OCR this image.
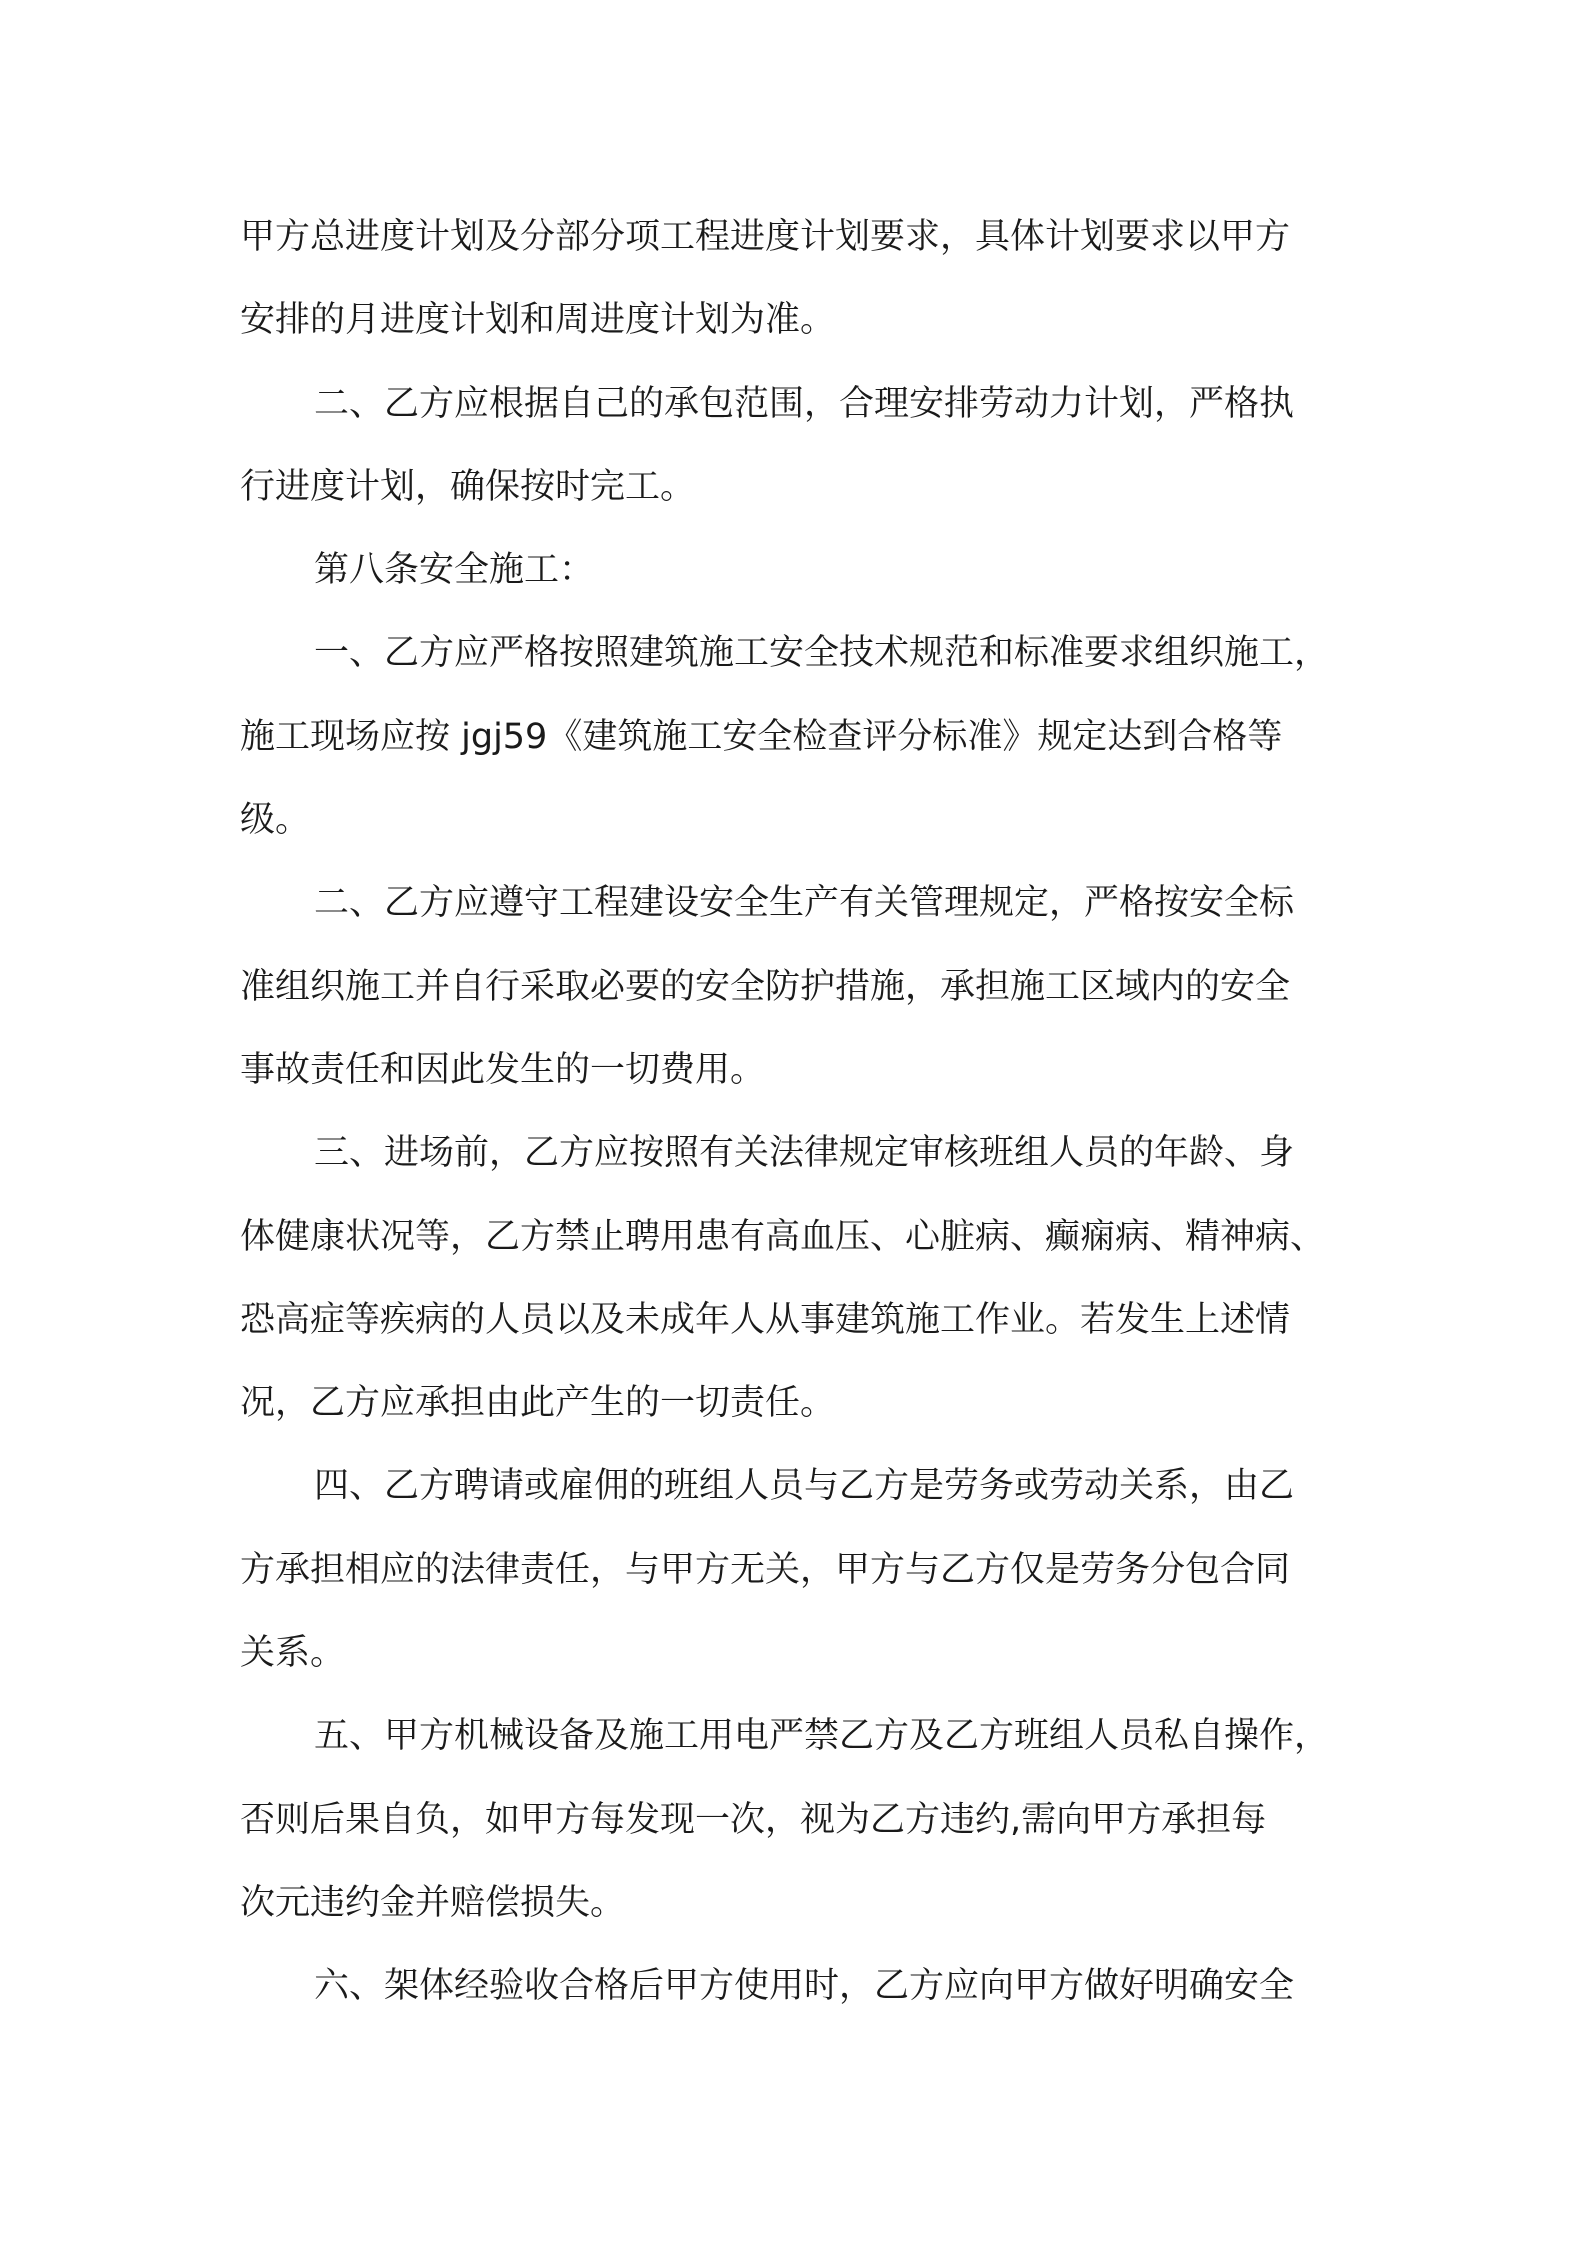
甲方总进度计划及分部分项工程进度计划要求，具体计划要求以甲方
安排的月进度计划和周进度计划为准。
二、乙方应根据自己的承包范围，合理安排劳动力计划，严格执
行进度计划，确保按时完工。
第八条安全施工：
一、乙方应严格按照建筑施工安全技术规范和标准要求组织施工，
施工现场应按 jgj59《建筑施工安全检查评分标准》规定达到合格等
级。
二、乙方应遵守工程建设安全生产有关管理规定，严格按安全标
准组织施工并自行采取必要的安全防护措施，承担施工区域内的安全
事故责任和因此发生的一切费用。
三、进场前，乙方应按照有关法律规定审核班组人员的年龄、身
体健康状况等，乙方禁止聘用患有高血压、心脏病、癫痫病、精神病、
恐高症等疾病的人员以及未成年人从事建筑施工作业。若发生上述情
况，乙方应承担由此产生的一切责任。
四、乙方聘请或雇佣的班组人员与乙方是劳务或劳动关系，由乙
方承担相应的法律责任，与甲方无关，甲方与乙方仅是劳务分包合同
关系。
五、甲方机械设备及施工用电严禁乙方及乙方班组人员私自操作，
否则后果自负，如甲方每发现一次，视为乙方违约,需向甲方承担每
次元违约金并赔偿损失。
六、架体经验收合格后甲方使用时，乙方应向甲方做好明确安全
